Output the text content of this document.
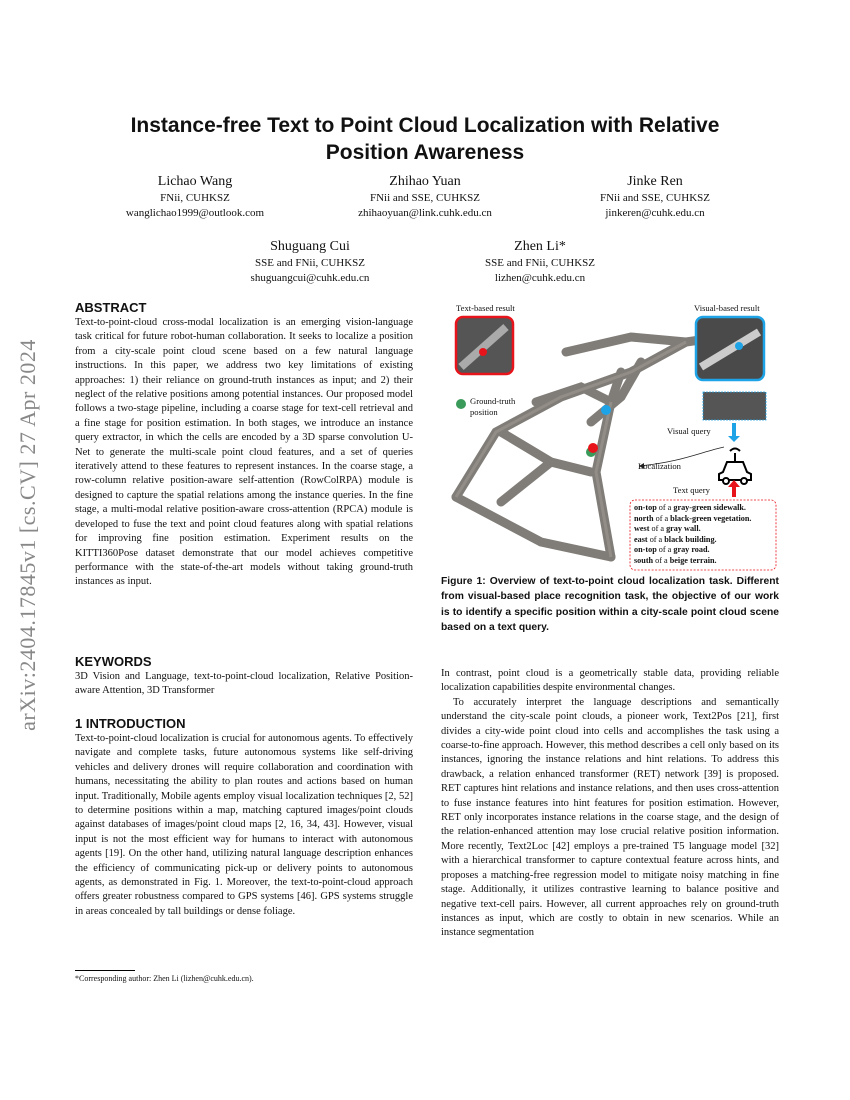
arXiv:2404.17845v1 [cs.CV] 27 Apr 2024
Instance-free Text to Point Cloud Localization with Relative Position Awareness
Lichao Wang
FNii, CUHKSZ
wanglichao1999@outlook.com
Zhihao Yuan
FNii and SSE, CUHKSZ
zhihaoyuan@link.cuhk.edu.cn
Jinke Ren
FNii and SSE, CUHKSZ
jinkeren@cuhk.edu.cn
Shuguang Cui
SSE and FNii, CUHKSZ
shuguangcui@cuhk.edu.cn
Zhen Li*
SSE and FNii, CUHKSZ
lizhen@cuhk.edu.cn
ABSTRACT

Text-to-point-cloud cross-modal localization is an emerging vision-language task critical for future robot-human collaboration. It seeks to localize a position from a city-scale point cloud scene based on a few natural language instructions. In this paper, we address two key limitations of existing approaches: 1) their reliance on ground-truth instances as input; and 2) their neglect of the relative positions among potential instances. Our proposed model follows a two-stage pipeline, including a coarse stage for text-cell retrieval and a fine stage for position estimation. In both stages, we introduce an instance query extractor, in which the cells are encoded by a 3D sparse convolution U-Net to generate the multi-scale point cloud features, and a set of queries iteratively attend to these features to represent instances. In the coarse stage, a row-column relative position-aware self-attention (RowColRPA) module is designed to capture the spatial relations among the instance queries. In the fine stage, a multi-modal relative position-aware cross-attention (RPCA) module is developed to fuse the text and point cloud features along with spatial relations for improving fine position estimation. Experiment results on the KITTI360Pose dataset demonstrate that our model achieves competitive performance with the state-of-the-art models without taking ground-truth instances as input.

KEYWORDS

3D Vision and Language, text-to-point-cloud localization, Relative Position-aware Attention, 3D Transformer

1 INTRODUCTION

Text-to-point-cloud localization is crucial for autonomous agents. To effectively navigate and complete tasks, future autonomous systems like self-driving vehicles and delivery drones will require collaboration and coordination with humans, necessitating the ability to plan routes and actions based on human input. Traditionally, Mobile agents employ visual localization techniques [2, 52] to determine positions within a map, matching captured images/point clouds against databases of images/point cloud maps [2, 16, 34, 43]. However, visual input is not the most efficient way for humans to interact with autonomous agents [19]. On the other hand, utilizing natural language description enhances the efficiency of communicating pick-up or delivery points to autonomous agents, as demonstrated in Fig. 1. Moreover, the text-to-point-cloud approach offers greater robustness compared to GPS systems [46]. GPS systems struggle in areas concealed by tall buildings or dense foliage.

*Corresponding author: Zhen Li (lizhen@cuhk.edu.cn).
Text-based result	Visual-based result
Ground-truth
position
Visual query
Localization
Text query
on-top of a gray-green sidewalk.
north of a black-green vegetation.
west of a gray wall.
east of a black building.
on-top of a gray road.
south of a beige terrain.
Figure 1: Overview of text-to-point cloud localization task. Different from visual-based place recognition task, the objective of our work is to identify a specific position within a city-scale point cloud scene based on a text query.

In contrast, point cloud is a geometrically stable data, providing reliable localization capabilities despite environmental changes.

To accurately interpret the language descriptions and semantically understand the city-scale point clouds, a pioneer work, Text2Pos [21], first divides a city-wide point cloud into cells and accomplishes the task using a coarse-to-fine approach. However, this method describes a cell only based on its instances, ignoring the instance relations and hint relations. To address this drawback, a relation enhanced transformer (RET) network [39] is proposed. RET captures hint relations and instance relations, and then uses cross-attention to fuse instance features into hint features for position estimation. However, RET only incorporates instance relations in the coarse stage, and the design of the relation-enhanced attention may lose crucial relative position information. More recently, Text2Loc [42] employs a pre-trained T5 language model [32] with a hierarchical transformer to capture contextual feature across hints, and proposes a matching-free regression model to mitigate noisy matching in fine stage. Additionally, it utilizes contrastive learning to balance positive and negative text-cell pairs. However, all current approaches rely on ground-truth instances as input, which are costly to obtain in new scenarios. While an instance segmentation
